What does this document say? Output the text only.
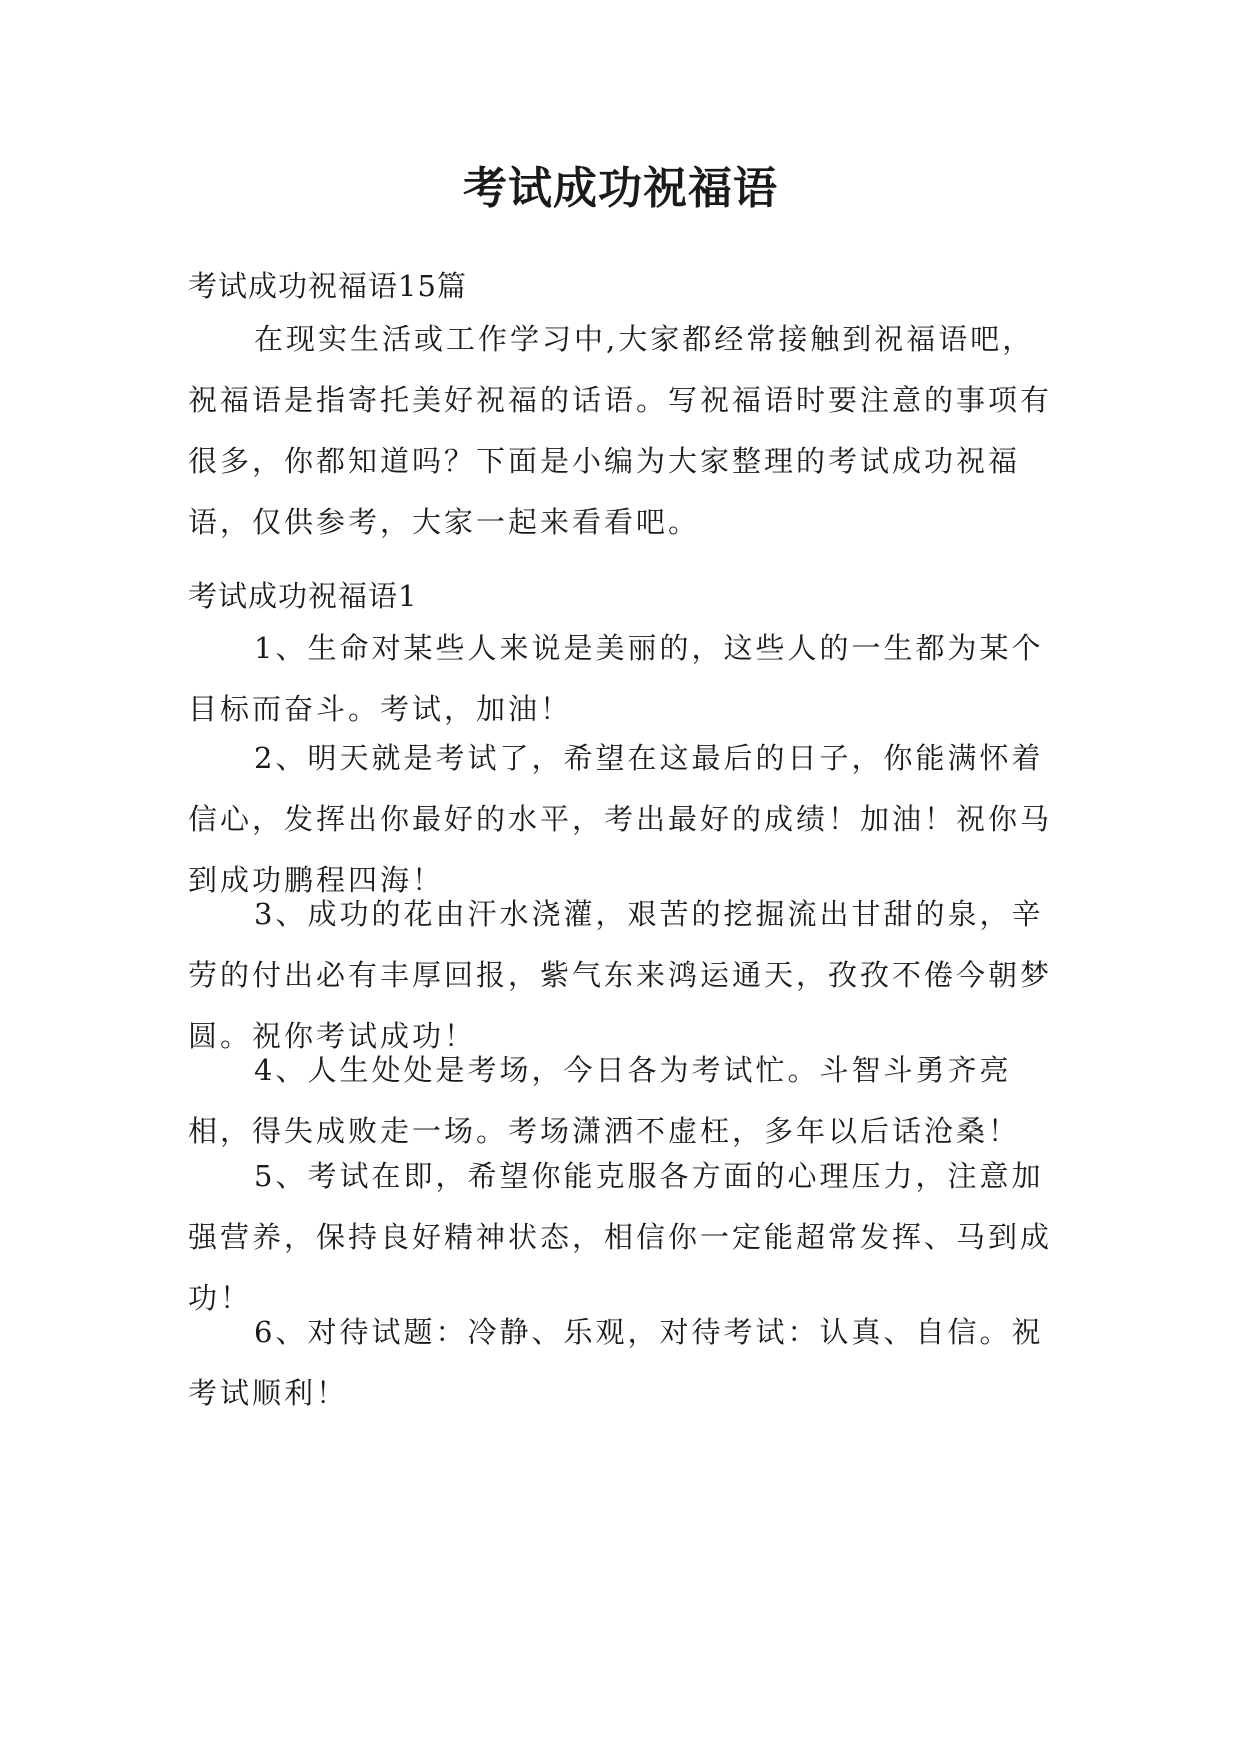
考试成功祝福语

考试成功祝福语15篇

在现实生活或工作学习中,大家都经常接触到祝福语吧，祝福语是指寄托美好祝福的话语。写祝福语时要注意的事项有很多，你都知道吗？下面是小编为大家整理的考试成功祝福语，仅供参考，大家一起来看看吧。

考试成功祝福语1

1、生命对某些人来说是美丽的，这些人的一生都为某个目标而奋斗。考试，加油！

2、明天就是考试了，希望在这最后的日子，你能满怀着信心，发挥出你最好的水平，考出最好的成绩！加油！祝你马到成功鹏程四海！

3、成功的花由汗水浇灌，艰苦的挖掘流出甘甜的泉，辛劳的付出必有丰厚回报，紫气东来鸿运通天，孜孜不倦今朝梦圆。祝你考试成功！

4、人生处处是考场，今日各为考试忙。斗智斗勇齐亮相，得失成败走一场。考场潇洒不虚枉，多年以后话沧桑！

5、考试在即，希望你能克服各方面的心理压力，注意加强营养，保持良好精神状态，相信你一定能超常发挥、马到成功！

6、对待试题：冷静、乐观，对待考试：认真、自信。祝考试顺利！
